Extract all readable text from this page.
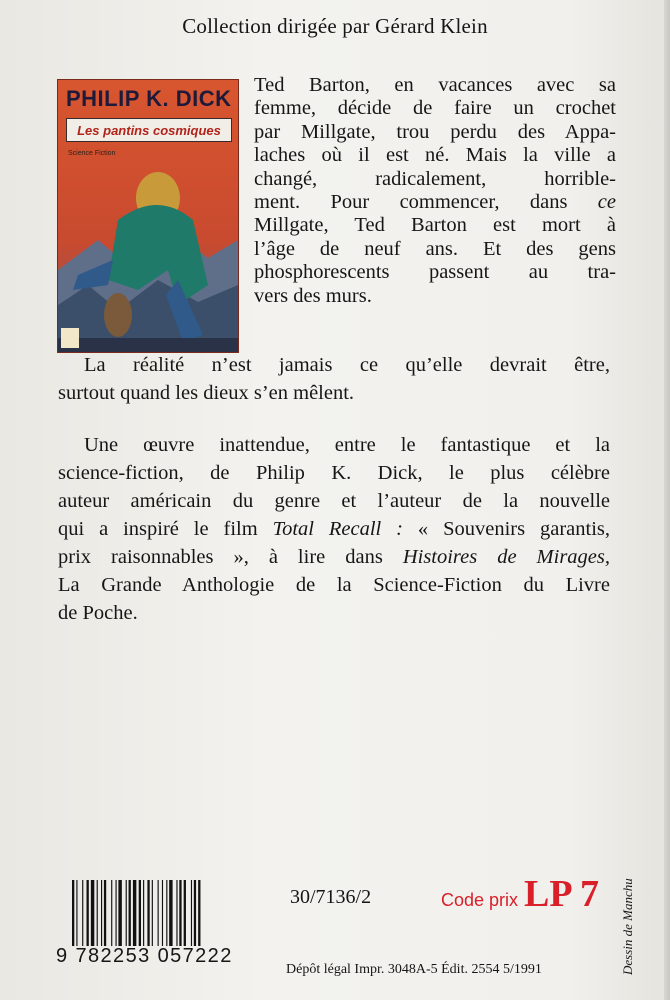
Collection dirigée par Gérard Klein
PHILIP K. DICK
Les pantins cosmiques
Science Fiction
Ted Barton, en vacances avec sa
femme, décide de faire un crochet
par Millgate, trou perdu des Appa-
laches où il est né. Mais la ville a
changé, radicalement, horrible-
ment. Pour commencer, dans ce
Millgate, Ted Barton est mort à
l’âge de neuf ans. Et des gens
phosphorescents passent au tra-
vers des murs.
La réalité n’est jamais ce qu’elle devrait être,
surtout quand les dieux s’en mêlent.
Une œuvre inattendue, entre le fantastique et la
science-fiction, de Philip K. Dick, le plus célèbre
auteur américain du genre et l’auteur de la nouvelle
qui a inspiré le film Total Recall : « Souvenirs garantis,
prix raisonnables », à lire dans Histoires de Mirages,
La Grande Anthologie de la Science-Fiction du Livre
de Poche.
9 782253 057222
30/7136/2	Code prix LP 7
Dépôt légal Impr. 3048A-5 Édit. 2554 5/1991	Dessin de Manchu
